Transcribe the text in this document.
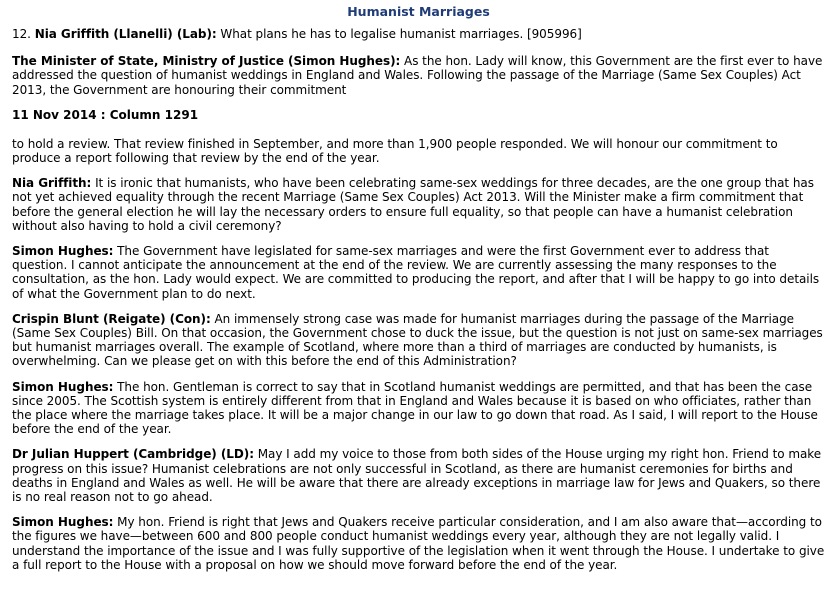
Humanist Marriages

12. Nia Griffith (Llanelli) (Lab): What plans he has to legalise humanist marriages. [905996]

The Minister of State, Ministry of Justice (Simon Hughes): As the hon. Lady will know, this Government are the first ever to have addressed the question of humanist weddings in England and Wales. Following the passage of the Marriage (Same Sex Couples) Act 2013, the Government are honouring their commitment

11 Nov 2014 : Column 1291

to hold a review. That review finished in September, and more than 1,900 people responded. We will honour our commitment to produce a report following that review by the end of the year.

Nia Griffith: It is ironic that humanists, who have been celebrating same-sex weddings for three decades, are the one group that has not yet achieved equality through the recent Marriage (Same Sex Couples) Act 2013. Will the Minister make a firm commitment that before the general election he will lay the necessary orders to ensure full equality, so that people can have a humanist celebration without also having to hold a civil ceremony?

Simon Hughes: The Government have legislated for same-sex marriages and were the first Government ever to address that question. I cannot anticipate the announcement at the end of the review. We are currently assessing the many responses to the consultation, as the hon. Lady would expect. We are committed to producing the report, and after that I will be happy to go into details of what the Government plan to do next.

Crispin Blunt (Reigate) (Con): An immensely strong case was made for humanist marriages during the passage of the Marriage (Same Sex Couples) Bill. On that occasion, the Government chose to duck the issue, but the question is not just on same-sex marriages but humanist marriages overall. The example of Scotland, where more than a third of marriages are conducted by humanists, is overwhelming. Can we please get on with this before the end of this Administration?

Simon Hughes: The hon. Gentleman is correct to say that in Scotland humanist weddings are permitted, and that has been the case since 2005. The Scottish system is entirely different from that in England and Wales because it is based on who officiates, rather than the place where the marriage takes place. It will be a major change in our law to go down that road. As I said, I will report to the House before the end of the year.

Dr Julian Huppert (Cambridge) (LD): May I add my voice to those from both sides of the House urging my right hon. Friend to make progress on this issue? Humanist celebrations are not only successful in Scotland, as there are humanist ceremonies for births and deaths in England and Wales as well. He will be aware that there are already exceptions in marriage law for Jews and Quakers, so there is no real reason not to go ahead.

Simon Hughes: My hon. Friend is right that Jews and Quakers receive particular consideration, and I am also aware that—according to the figures we have—between 600 and 800 people conduct humanist weddings every year, although they are not legally valid. I understand the importance of the issue and I was fully supportive of the legislation when it went through the House. I undertake to give a full report to the House with a proposal on how we should move forward before the end of the year.
